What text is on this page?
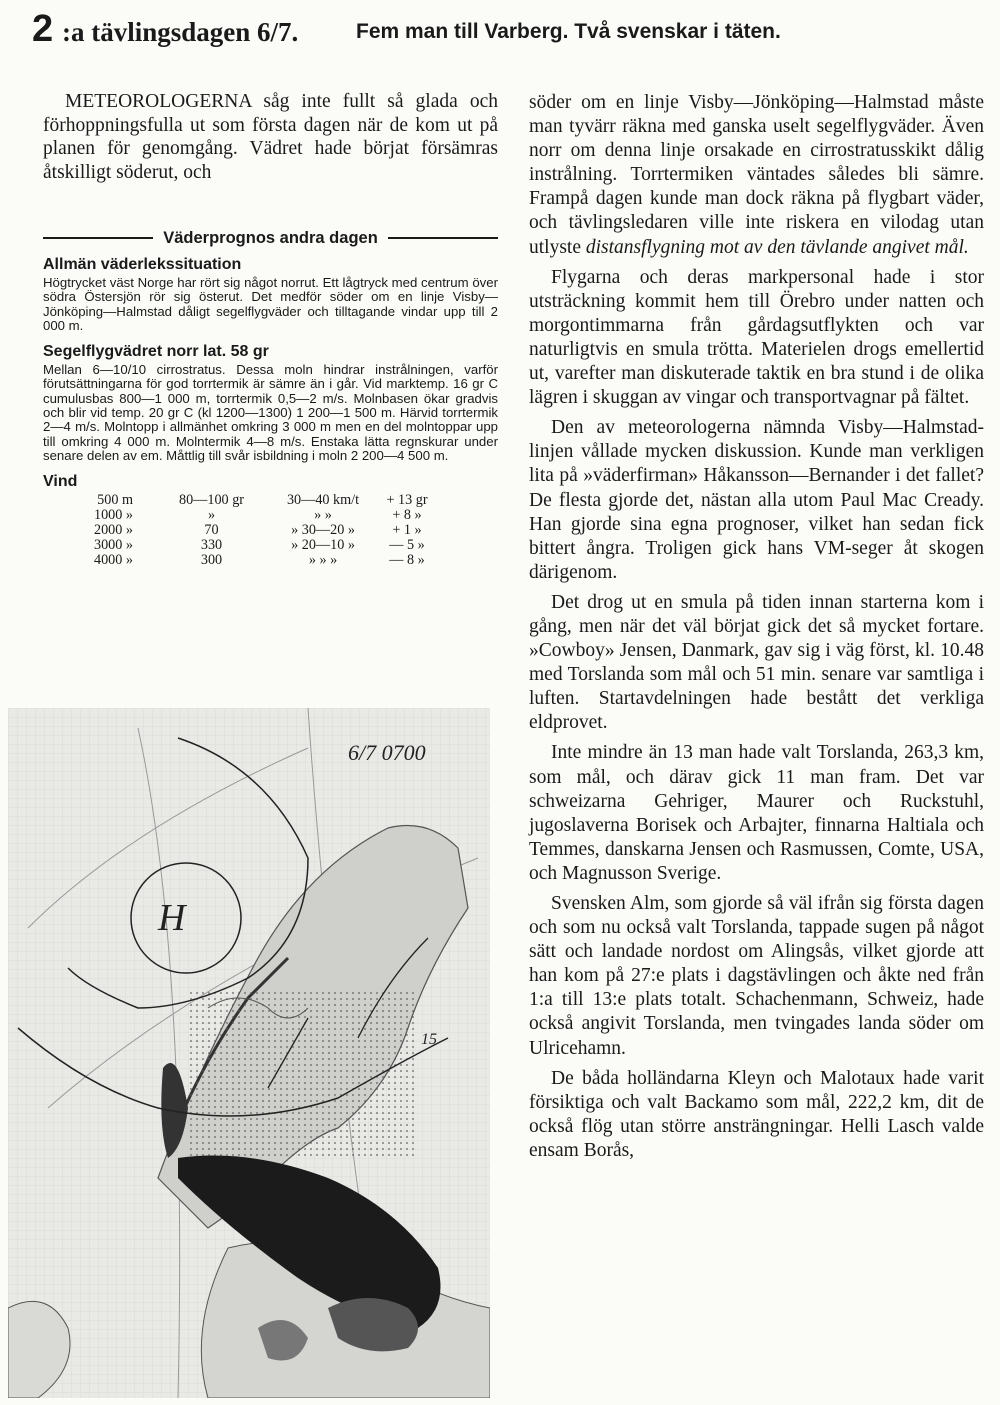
2 :a tävlingsdagen 6/7.	Fem man till Varberg. Två svenskar i täten.

METEOROLOGERNA såg inte fullt så glada och förhoppningsfulla ut som första dagen när de kom ut på planen för genomgång. Vädret hade börjat försämras åtskilligt söderut, och

Väderprognos andra dagen
Allmän väderlekssituation

Högtrycket väst Norge har rört sig något norrut. Ett lågtryck med centrum över södra Östersjön rör sig österut. Det medför söder om en linje Visby—Jönköping—Halmstad dåligt segelflygväder och tilltagande vindar upp till 2 000 m.

Segelflygvädret norr lat. 58 gr

Mellan 6—10/10 cirrostratus. Dessa moln hindrar instrålningen, varför förutsättningarna för god torrtermik är sämre än i går. Vid marktemp. 16 gr C cumulusbas 800—1 000 m, torrtermik 0,5—2 m/s. Molnbasen ökar gradvis och blir vid temp. 20 gr C (kl 1200—1300) 1 200—1 500 m. Härvid torrtermik 2—4 m/s. Molntopp i allmänhet omkring 3 000 m men en del molntoppar upp till omkring 4 000 m. Molntermik 4—8 m/s. Enstaka lätta regnskurar under senare delen av em. Måttlig till svår isbildning i moln 2 200—4 500 m.

Vind
500 m	80—100 gr	30—40 km/t	+ 13 gr
1000 »	»	» »	+ 8 »
2000 »	70	» 30—20 »	+ 1 »
3000 »	330	» 20—10 »	— 5 »
4000 »	300	» » »	— 8 »
6/7 0700
H
15

söder om en linje Visby—Jönköping—Halmstad måste man tyvärr räkna med ganska uselt segelflygväder. Även norr om denna linje orsakade en cirrostratusskikt dålig instrålning. Torrtermiken väntades således bli sämre. Frampå dagen kunde man dock räkna på flygbart väder, och tävlingsledaren ville inte riskera en vilodag utan utlyste distansflygning mot av den tävlande angivet mål.

Flygarna och deras markpersonal hade i stor utsträckning kommit hem till Örebro under natten och morgontimmarna från gårdagsutflykten och var naturligtvis en smula trötta. Materielen drogs emellertid ut, varefter man diskuterade taktik en bra stund i de olika lägren i skuggan av vingar och transportvagnar på fältet.

Den av meteorologerna nämnda Visby—Halmstad-linjen vållade mycken diskussion. Kunde man verkligen lita på »väderfirman» Håkansson—Bernander i det fallet? De flesta gjorde det, nästan alla utom Paul Mac Cready. Han gjorde sina egna prognoser, vilket han sedan fick bittert ångra. Troligen gick hans VM-seger åt skogen därigenom.

Det drog ut en smula på tiden innan starterna kom i gång, men när det väl börjat gick det så mycket fortare. »Cowboy» Jensen, Danmark, gav sig i väg först, kl. 10.48 med Torslanda som mål och 51 min. senare var samtliga i luften. Startavdelningen hade bestått det verkliga eldprovet.

Inte mindre än 13 man hade valt Torslanda, 263,3 km, som mål, och därav gick 11 man fram. Det var schweizarna Gehriger, Maurer och Ruckstuhl, jugoslaverna Borisek och Arbajter, finnarna Haltiala och Temmes, danskarna Jensen och Rasmussen, Comte, USA, och Magnusson Sverige.

Svensken Alm, som gjorde så väl ifrån sig första dagen och som nu också valt Torslanda, tappade sugen på något sätt och landade nordost om Alingsås, vilket gjorde att han kom på 27:e plats i dagstävlingen och åkte ned från 1:a till 13:e plats totalt. Schachenmann, Schweiz, hade också angivit Torslanda, men tvingades landa söder om Ulricehamn.

De båda holländarna Kleyn och Malotaux hade varit försiktiga och valt Backamo som mål, 222,2 km, dit de också flög utan större ansträngningar. Helli Lasch valde ensam Borås,
